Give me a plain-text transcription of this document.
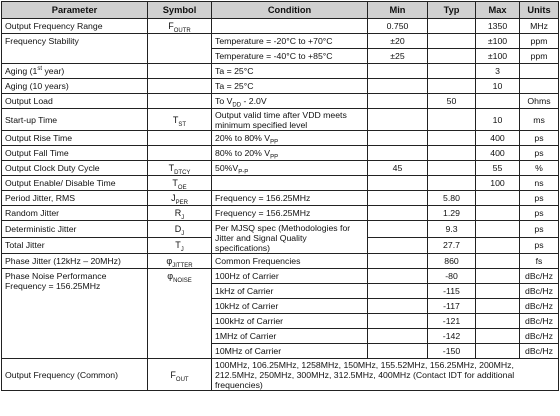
Parameter	Symbol	Condition	Min	Typ	Max	Units
Output Frequency Range	$F_{OUTR}$		0.750		1350	MHz
Frequency Stability		Temperature = -20°C to +70°C	±20		±100	ppm
		Temperature = -40°C to +85°C	±25		±100	ppm
Aging (1st year)		Ta = 25°C			3	
Aging (10 years)		Ta = 25°C			10	
Output Load		To $V_{DD} - 2.0V$		50		Ohms
Start-up Time	$T_{ST}$	Output valid time after VDD meets minimum specified level			10	ms
Output Rise Time		20% to 80% $V_{PP}$			400	ps
Output Fall Time		80% to 20% $V_{PP}$			400	ps
Output Clock Duty Cycle	$T_{DTCY}$	$50\%V_{P-P}$	45		55	%
Output Enable/ Disable Time	$T_{OE}$				100	ns
Period Jitter, RMS	$J_{PER}$	Frequency = 156.25MHz		5.80		ps
Random Jitter	$R_J$	Frequency = 156.25MHz		1.29		ps
Deterministic Jitter	$D_J$	Per MJSQ spec (Methodologies for Jitter and Signal Quality specifications)		9.3		ps
Total Jitter	$T_J$			27.7		ps
Phase Jitter (12kHz – 20MHz)	$\varphi_{JITTER}$	Common Frequencies		860		fs
Phase Noise Performance Frequency = 156.25MHz	$\varphi_{NOISE}$	100Hz of Carrier		-80		dBc/Hz
		1kHz of Carrier		-115		dBc/Hz
		10kHz of Carrier		-117		dBc/Hz
		100kHz of Carrier		-121		dBc/Hz
		1MHz of Carrier		-142		dBc/Hz
		10MHz of Carrier		-150		dBc/Hz
Output Frequency (Common)	$F_{OUT}$	100MHz, 106.25MHz, 1258MHz, 150MHz, 155.52MHz, 156.25MHz, 200MHz, 212.5MHz, 250MHz, 300MHz, 312.5MHz, 400MHz (Contact IDT for additional frequencies)				
